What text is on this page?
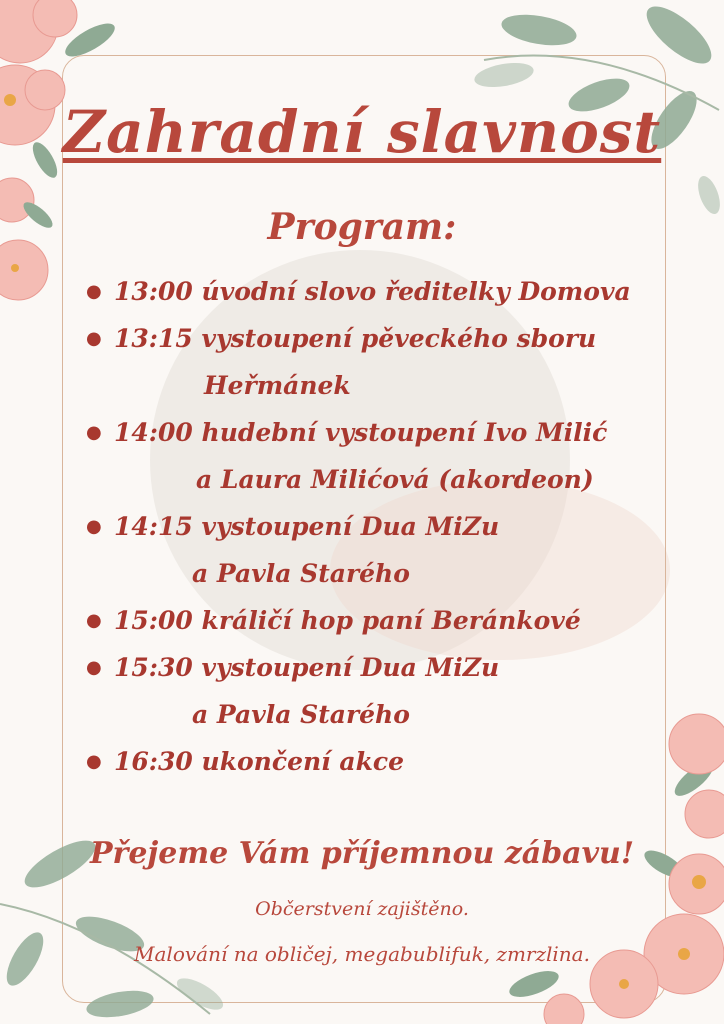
Zahradní slavnost
Program:
● 13:00 úvodní slovo ředitelky Domova
● 13:15 vystoupení pěveckého sboru
Heřmánek
● 14:00 hudební vystoupení Ivo Milić
a Laura Milićová (akordeon)
● 14:15 vystoupení Dua MiZu
a Pavla Starého
● 15:00 králičí hop paní Beránkové
● 15:30 vystoupení Dua MiZu
a Pavla Starého
● 16:30 ukončení akce
Přejeme Vám příjemnou zábavu!
Občerstvení zajištěno.
Malování na obličej, megabublifuk, zmrzlina.
